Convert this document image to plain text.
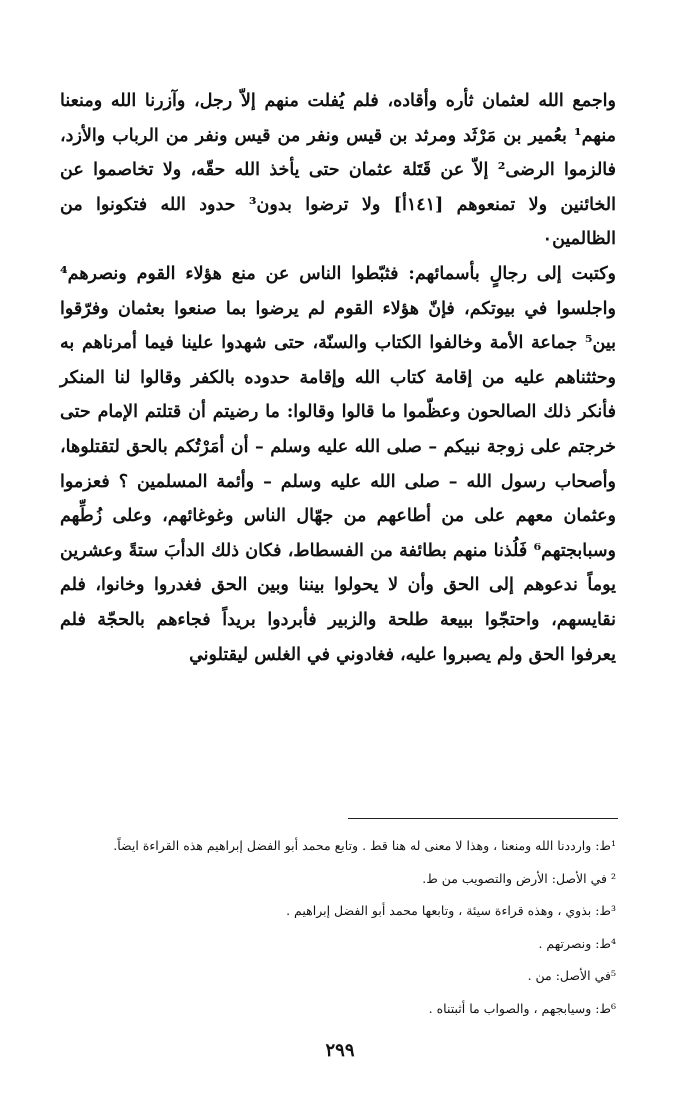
واجمع الله لعثمان ثأره وأقاده، فلم يُفلت منهم إلاّ رجل، وآزرنا الله ومنعنا منهم¹ بعُمير بن مَرْثَد ومرثد بن قيس ونفر من قيس ونفر من الرباب والأزد، فالزموا الرضى² إلاّ عن قَتَلة عثمان حتى يأخذ الله حقّه، ولا تخاصموا عن الخائنين ولا تمنعوهم [١٤١أ] ولا ترضوا بدون³ حدود الله فتكونوا من الظالمين٠

وكتبت إلى رجالٍ بأسمائهم: فثبّطوا الناس عن منع هؤلاء القوم ونصرهم⁴ واجلسوا في بيوتكم، فإنّ هؤلاء القوم لم يرضوا بما صنعوا بعثمان وفرّقوا بين⁵ جماعة الأمة وخالفوا الكتاب والسنّة، حتى شهدوا علينا فيما أمرناهم به وحثثناهم عليه من إقامة كتاب الله وإقامة حدوده بالكفر وقالوا لنا المنكر فأنكر ذلك الصالحون وعظّموا ما قالوا وقالوا: ما رضيتم أن قتلتم الإمام حتى خرجتم على زوجة نبيكم – صلى الله عليه وسلم – أن أمَرْتُكم بالحق لتقتلوها، وأصحاب رسول الله – صلى الله عليه وسلم – وأئمة المسلمين ؟ فعزموا وعثمان معهم على من أطاعهم من جهّال الناس وغوغائهم، وعلى زُطِّهم وسبابجتهم⁶ فَلُذنا منهم بطائفة من الفسطاط، فكان ذلك الدأبَ ستةً وعشرين يوماً ندعوهم إلى الحق وأن لا يحولوا بيننا وبين الحق فغدروا وخانوا، فلم نقايسهم، واحتجّوا ببيعة طلحة والزبير فأبردوا بريداً فجاءهم بالحجّة فلم يعرفوا الحق ولم يصبروا عليه، فغادوني في الغلس ليقتلوني

¹ط: وارددنا الله ومنعنا ، وهذا لا معنى له هنا قط . وتابع محمد أبو الفضل إبراهيم هذه القراءة ايضاً.

² في الأصل: الأرض والتصويب من ط.

³ط: بذوي ، وهذه قراءة سيئة ، وتابعها محمد أبو الفضل إبراهيم .

⁴ط: ونصرتهم .

⁵في الأصل: من .

⁶ط: وسيابجهم ، والصواب ما أثبتناه .

٢٩٩
